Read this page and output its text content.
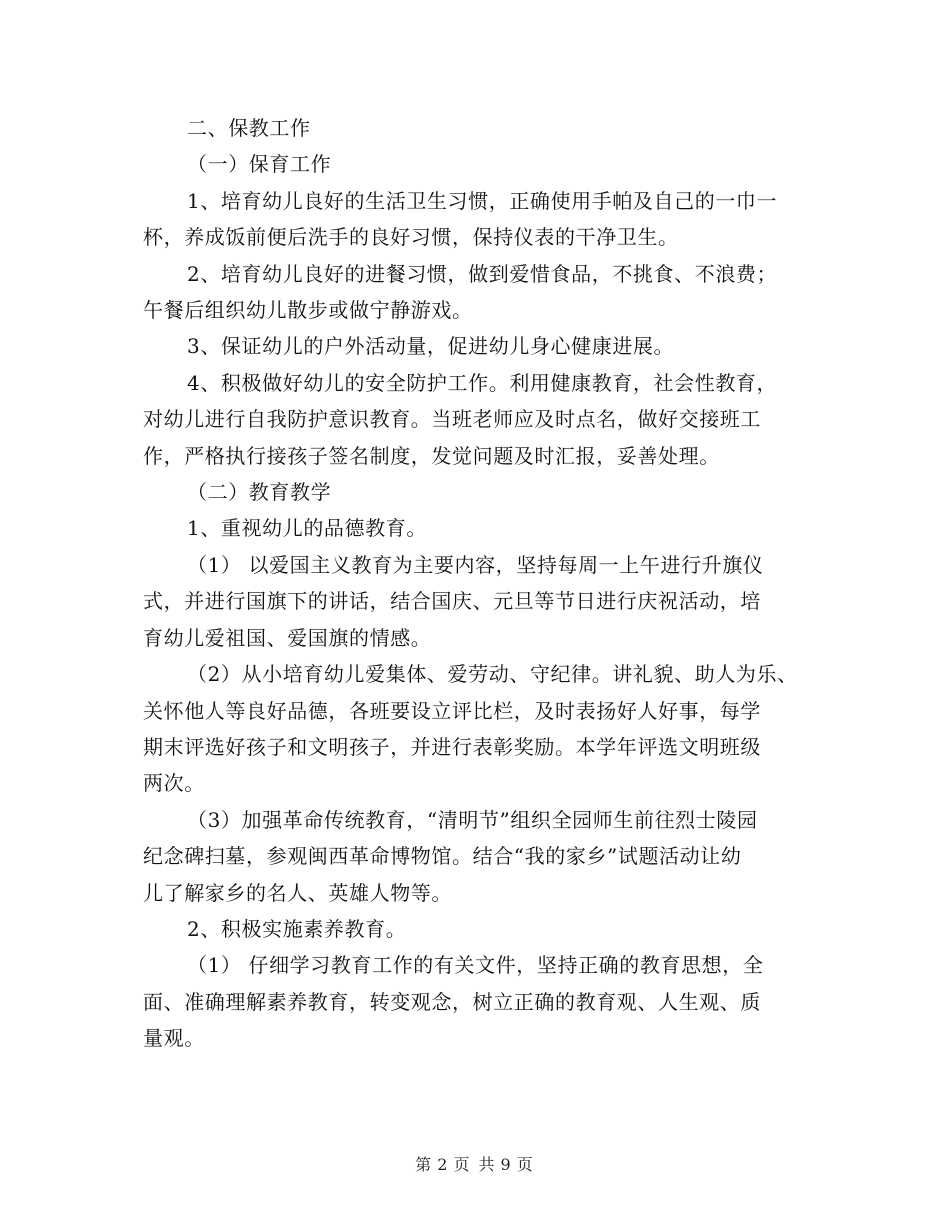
二、保教工作
（一）保育工作
1、培育幼儿良好的生活卫生习惯，正确使用手帕及自己的一巾一
杯，养成饭前便后洗手的良好习惯，保持仪表的干净卫生。
2、培育幼儿良好的进餐习惯，做到爱惜食品，不挑食、不浪费；
午餐后组织幼儿散步或做宁静游戏。
3、保证幼儿的户外活动量，促进幼儿身心健康进展。
4、积极做好幼儿的安全防护工作。利用健康教育，社会性教育，
对幼儿进行自我防护意识教育。当班老师应及时点名，做好交接班工
作，严格执行接孩子签名制度，发觉问题及时汇报，妥善处理。
（二）教育教学
1、重视幼儿的品德教育。
（1） 以爱国主义教育为主要内容，坚持每周一上午进行升旗仪
式，并进行国旗下的讲话，结合国庆、元旦等节日进行庆祝活动，培
育幼儿爱祖国、爱国旗的情感。
（2）从小培育幼儿爱集体、爱劳动、守纪律。讲礼貌、助人为乐、
关怀他人等良好品德，各班要设立评比栏，及时表扬好人好事，每学
期末评选好孩子和文明孩子，并进行表彰奖励。本学年评选文明班级
两次。
（3）加强革命传统教育，“清明节”组织全园师生前往烈士陵园
纪念碑扫墓，参观闽西革命博物馆。结合“我的家乡”试题活动让幼
儿了解家乡的名人、英雄人物等。
2、积极实施素养教育。
（1） 仔细学习教育工作的有关文件，坚持正确的教育思想，全
面、准确理解素养教育，转变观念，树立正确的教育观、人生观、质
量观。
第 2 页 共 9 页
